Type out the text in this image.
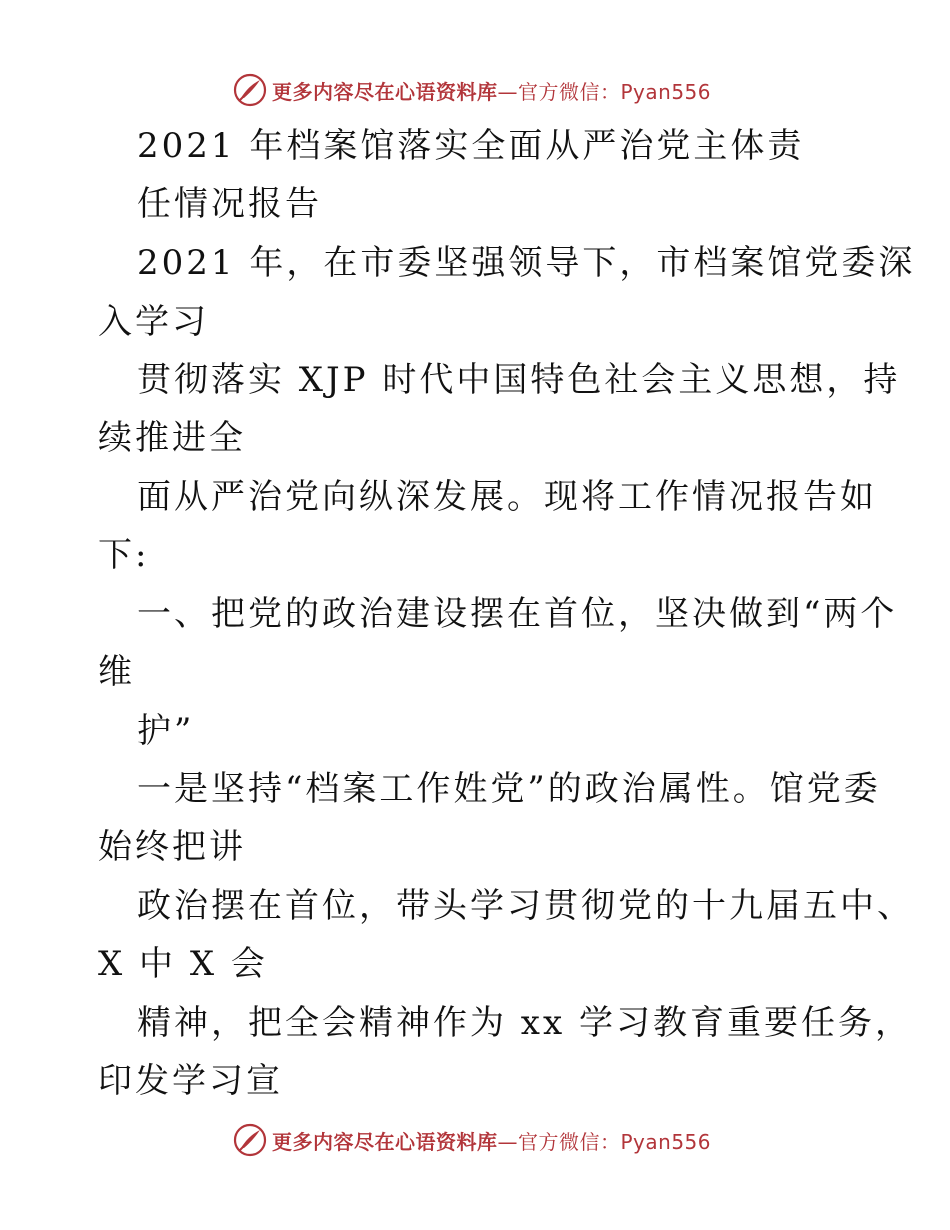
更多内容尽在心语资料库—官方微信：Pyan556
2021 年档案馆落实全面从严治党主体责
任情况报告
2021 年，在市委坚强领导下，市档案馆党委深
入学习
贯彻落实 XJP 时代中国特色社会主义思想，持
续推进全
面从严治党向纵深发展。现将工作情况报告如
下:
一、把党的政治建设摆在首位，坚决做到“两个
维
护”
一是坚持“档案工作姓党”的政治属性。馆党委
始终把讲
政治摆在首位，带头学习贯彻党的十九届五中、
X 中 X 会
精神，把全会精神作为 xx 学习教育重要任务，
印发学习宣
更多内容尽在心语资料库—官方微信：Pyan556
